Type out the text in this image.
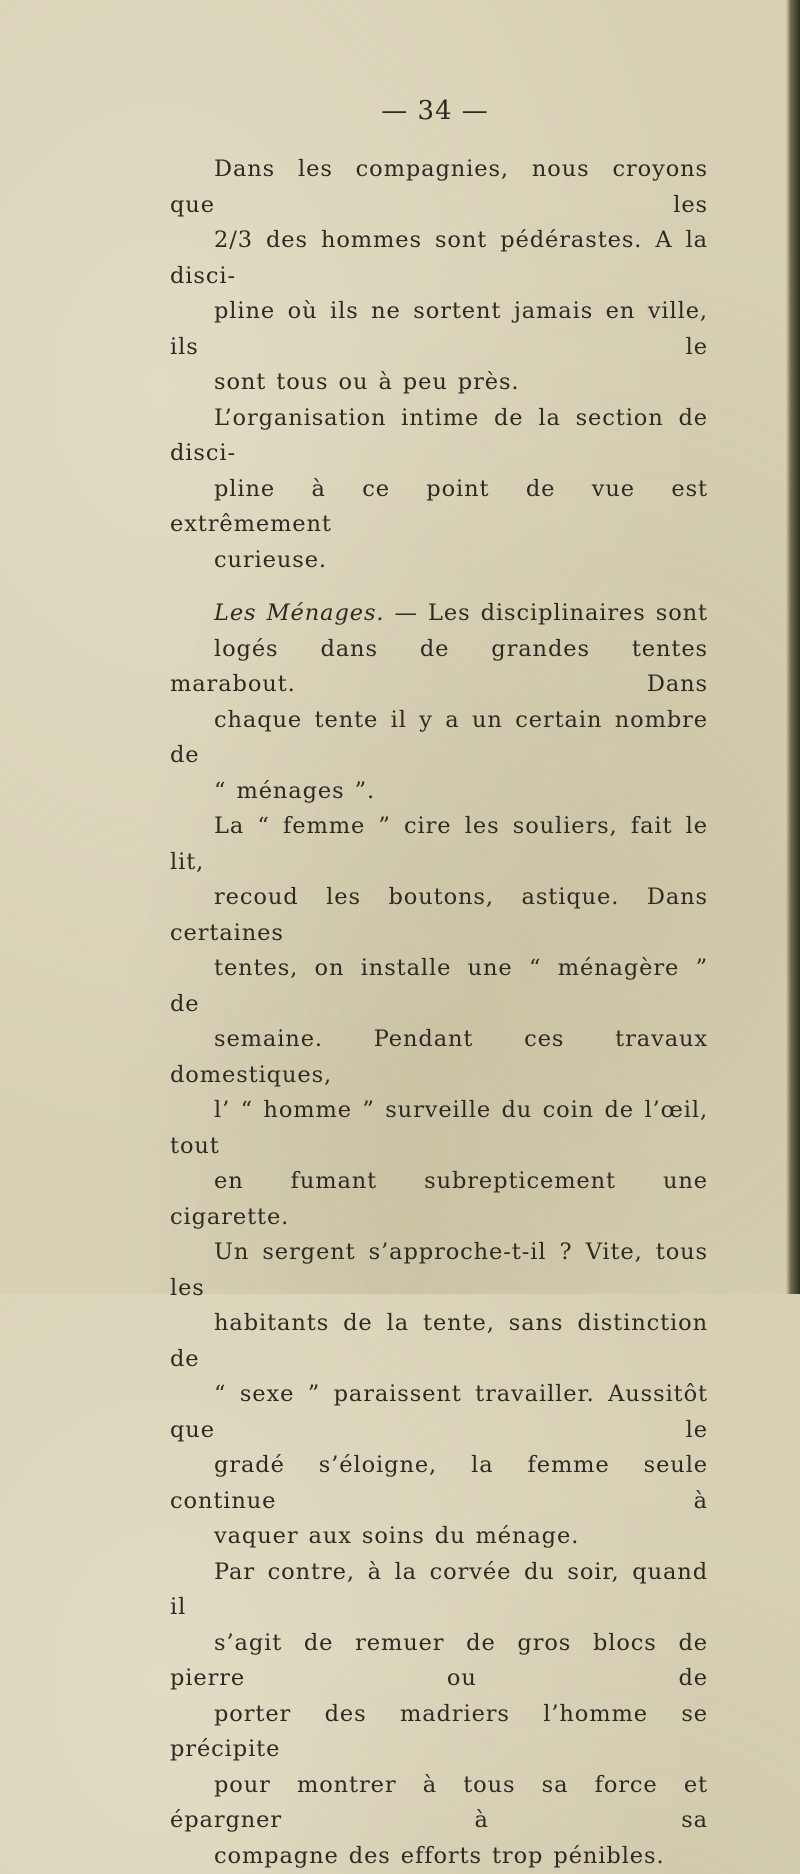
— 34 —
Dans les compagnies, nous croyons que les
2/3 des hommes sont pédérastes. A la disci-
pline où ils ne sortent jamais en ville, ils le
sont tous ou à peu près.
L’organisation intime de la section de disci-
pline à ce point de vue est extrêmement
curieuse.
Les Ménages. — Les disciplinaires sont
logés dans de grandes tentes marabout. Dans
chaque tente il y a un certain nombre de
“ ménages ”.
La “ femme ” cire les souliers, fait le lit,
recoud les boutons, astique. Dans certaines
tentes, on installe une “ ménagère ” de
semaine. Pendant ces travaux domestiques,
l’ “ homme ” surveille du coin de l’œil, tout
en fumant subrepticement une cigarette.
Un sergent s’approche-t-il ? Vite, tous les
habitants de la tente, sans distinction de
“ sexe ” paraissent travailler. Aussitôt que le
gradé s’éloigne, la femme seule continue à
vaquer aux soins du ménage.
Par contre, à la corvée du soir, quand il
s’agit de remuer de gros blocs de pierre ou de
porter des madriers l’homme se précipite
pour montrer à tous sa force et épargner à sa
compagne des efforts trop pénibles.
